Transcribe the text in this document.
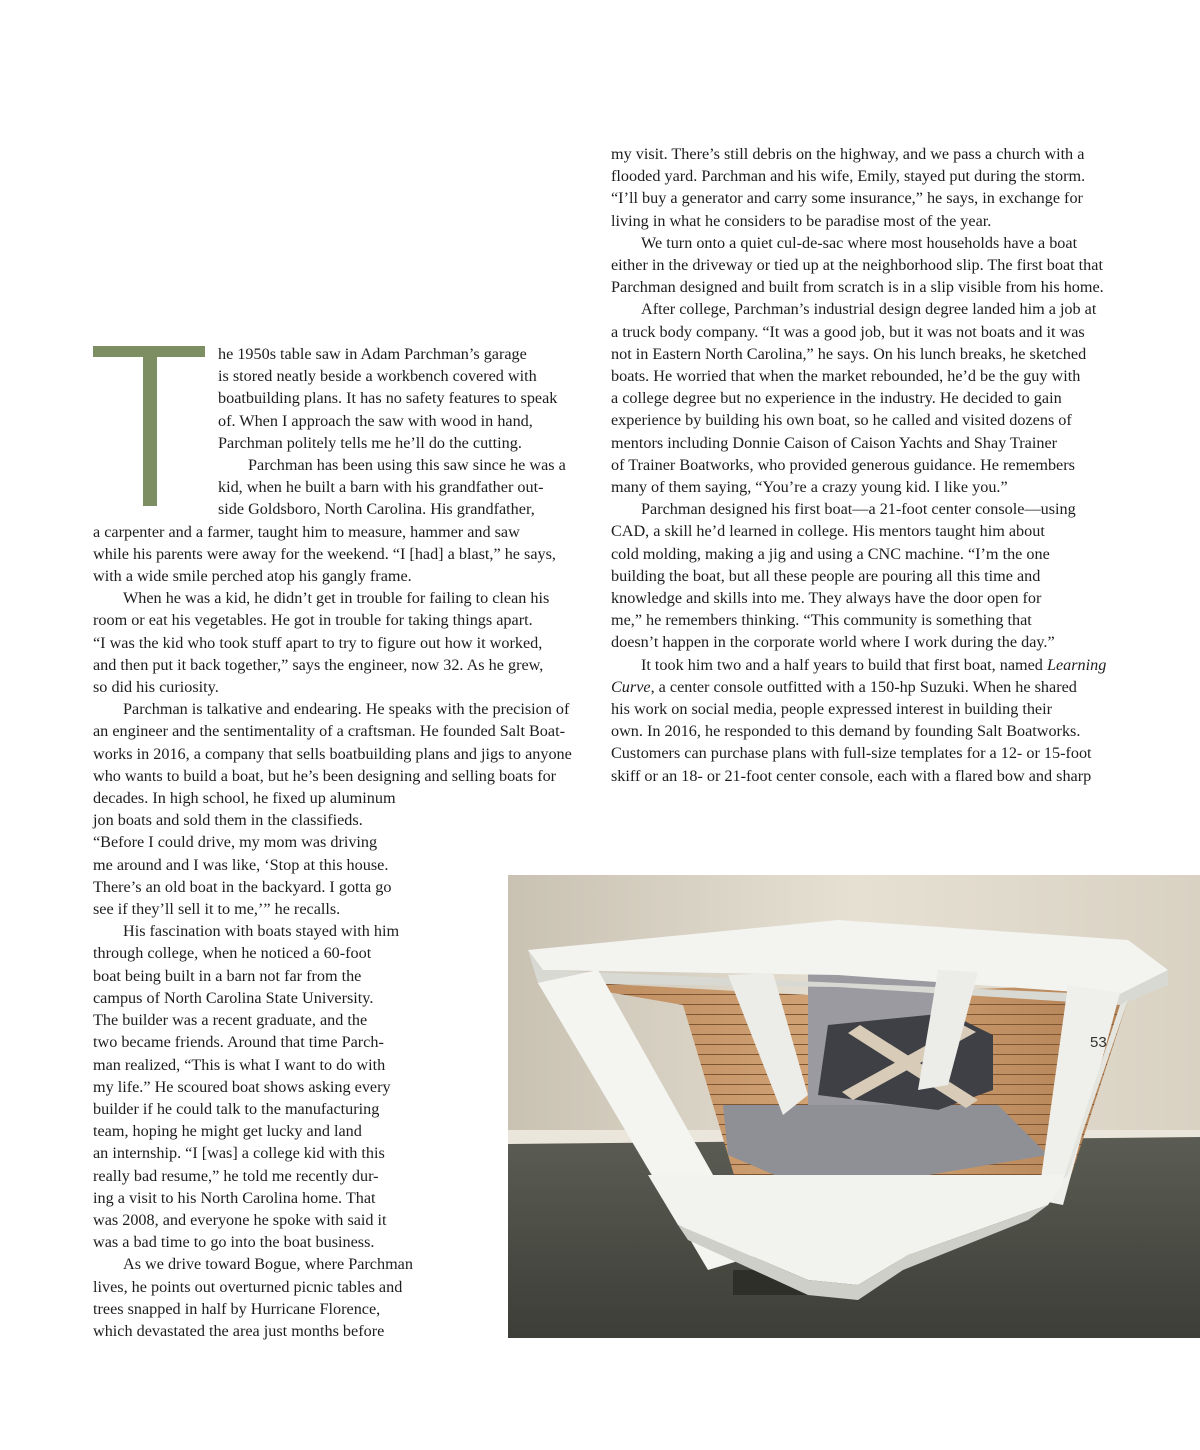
he 1950s table saw in Adam Parchman’s garage
is stored neatly beside a workbench covered with
boatbuilding plans. It has no safety features to speak
of. When I approach the saw with wood in hand,
Parchman politely tells me he’ll do the cutting.

Parchman has been using this saw since he was a
kid, when he built a barn with his grandfather out-
side Goldsboro, North Carolina. His grandfather,
a carpenter and a farmer, taught him to measure, hammer and saw
while his parents were away for the weekend. “I [had] a blast,” he says,
with a wide smile perched atop his gangly frame.

When he was a kid, he didn’t get in trouble for failing to clean his
room or eat his vegetables. He got in trouble for taking things apart.
“I was the kid who took stuff apart to try to figure out how it worked,
and then put it back together,” says the engineer, now 32. As he grew,
so did his curiosity.

Parchman is talkative and endearing. He speaks with the precision of
an engineer and the sentimentality of a craftsman. He founded Salt Boat-
works in 2016, a company that sells boatbuilding plans and jigs to anyone
who wants to build a boat, but he’s been designing and selling boats for
decades. In high school, he fixed up aluminum
jon boats and sold them in the classifieds.
“Before I could drive, my mom was driving
me around and I was like, ‘Stop at this house.
There’s an old boat in the backyard. I gotta go
see if they’ll sell it to me,’” he recalls.

His fascination with boats stayed with him
through college, when he noticed a 60-foot
boat being built in a barn not far from the
campus of North Carolina State University.
The builder was a recent graduate, and the
two became friends. Around that time Parch-
man realized, “This is what I want to do with
my life.” He scoured boat shows asking every
builder if he could talk to the manufacturing
team, hoping he might get lucky and land
an internship. “I [was] a college kid with this
really bad resume,” he told me recently dur-
ing a visit to his North Carolina home. That
was 2008, and everyone he spoke with said it
was a bad time to go into the boat business.

As we drive toward Bogue, where Parchman
lives, he points out overturned picnic tables and
trees snapped in half by Hurricane Florence,
which devastated the area just months before

my visit. There’s still debris on the highway, and we pass a church with a
flooded yard. Parchman and his wife, Emily, stayed put during the storm.
“I’ll buy a generator and carry some insurance,” he says, in exchange for
living in what he considers to be paradise most of the year.

We turn onto a quiet cul-de-sac where most households have a boat
either in the driveway or tied up at the neighborhood slip. The first boat that
Parchman designed and built from scratch is in a slip visible from his home.

After college, Parchman’s industrial design degree landed him a job at
a truck body company. “It was a good job, but it was not boats and it was
not in Eastern North Carolina,” he says. On his lunch breaks, he sketched
boats. He worried that when the market rebounded, he’d be the guy with
a college degree but no experience in the industry. He decided to gain
experience by building his own boat, so he called and visited dozens of
mentors including Donnie Caison of Caison Yachts and Shay Trainer
of Trainer Boatworks, who provided generous guidance. He remembers
many of them saying, “You’re a crazy young kid. I like you.”

Parchman designed his first boat—a 21-foot center console—using
CAD, a skill he’d learned in college. His mentors taught him about
cold molding, making a jig and using a CNC machine. “I’m the one
building the boat, but all these people are pouring all this time and
knowledge and skills into me. They always have the door open for
me,” he remembers thinking. “This community is something that
doesn’t happen in the corporate world where I work during the day.”

It took him two and a half years to build that first boat, named Learning
Curve, a center console outfitted with a 150-hp Suzuki. When he shared
his work on social media, people expressed interest in building their
own. In 2016, he responded to this demand by founding Salt Boatworks.
Customers can purchase plans with full-size templates for a 12- or 15-foot
skiff or an 18- or 21-foot center console, each with a flared bow and sharp

53
